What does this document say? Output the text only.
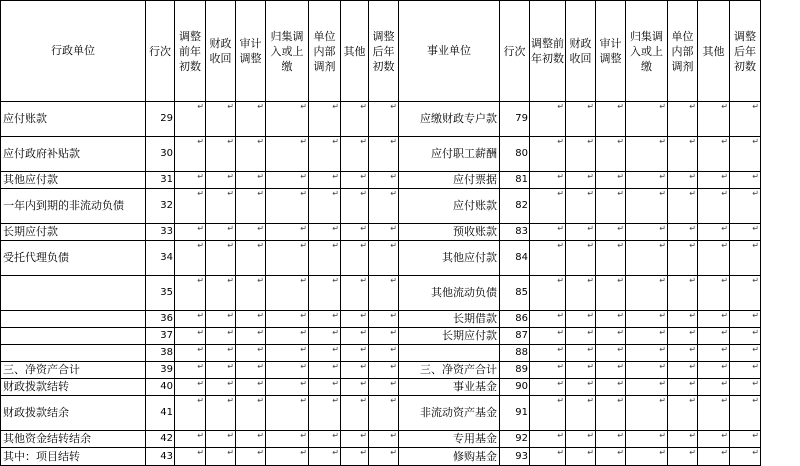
行政单位	行次	调整前年初数	财政收回	审计调整	归集调入或上缴	单位内部调剂	其他	调整后年初数	事业单位	行次	调整前年初数	财政收回	审计调整	归集调入或上缴	单位内部调剂	其他	调整后年初数
应付账款	29	↵	↵	↵	↵	↵	↵	↵	应缴财政专户款	79	↵	↵	↵	↵	↵	↵	↵

应付政府补贴款	30	↵	↵	↵	↵	↵	↵	↵	应付职工薪酬	80	↵	↵	↵	↵	↵	↵	↵

其他应付款	31	↵	↵	↵	↵	↵	↵	↵	应付票据	81	↵	↵	↵	↵	↵	↵	↵

一年内到期的非流动负债	32	↵	↵	↵	↵	↵	↵	↵	应付账款	82	↵	↵	↵	↵	↵	↵	↵

长期应付款	33	↵	↵	↵	↵	↵	↵	↵	预收账款	83	↵	↵	↵	↵	↵	↵	↵

受托代理负债	34	↵	↵	↵	↵	↵	↵	↵	其他应付款	84	↵	↵	↵	↵	↵	↵	↵

	35	↵	↵	↵	↵	↵	↵	↵	其他流动负债	85	↵	↵	↵	↵	↵	↵	↵

	36	↵	↵	↵	↵	↵	↵	↵	长期借款	86	↵	↵	↵	↵	↵	↵	↵

	37	↵	↵	↵	↵	↵	↵	↵	长期应付款	87	↵	↵	↵	↵	↵	↵	↵

	38	↵	↵	↵	↵	↵	↵	↵		88	↵	↵	↵	↵	↵	↵	↵

三、净资产合计	39	↵	↵	↵	↵	↵	↵	↵	三、净资产合计	89	↵	↵	↵	↵	↵	↵	↵

财政拨款结转	40	↵	↵	↵	↵	↵	↵	↵	事业基金	90	↵	↵	↵	↵	↵	↵	↵

财政拨款结余	41	↵	↵	↵	↵	↵	↵	↵	非流动资产基金	91	↵	↵	↵	↵	↵	↵	↵

其他资金结转结余	42	↵	↵	↵	↵	↵	↵	↵	专用基金	92	↵	↵	↵	↵	↵	↵	↵

其中：项目结转	43	↵	↵	↵	↵	↵	↵	↵	修购基金	93	↵	↵	↵	↵	↵	↵	↵
